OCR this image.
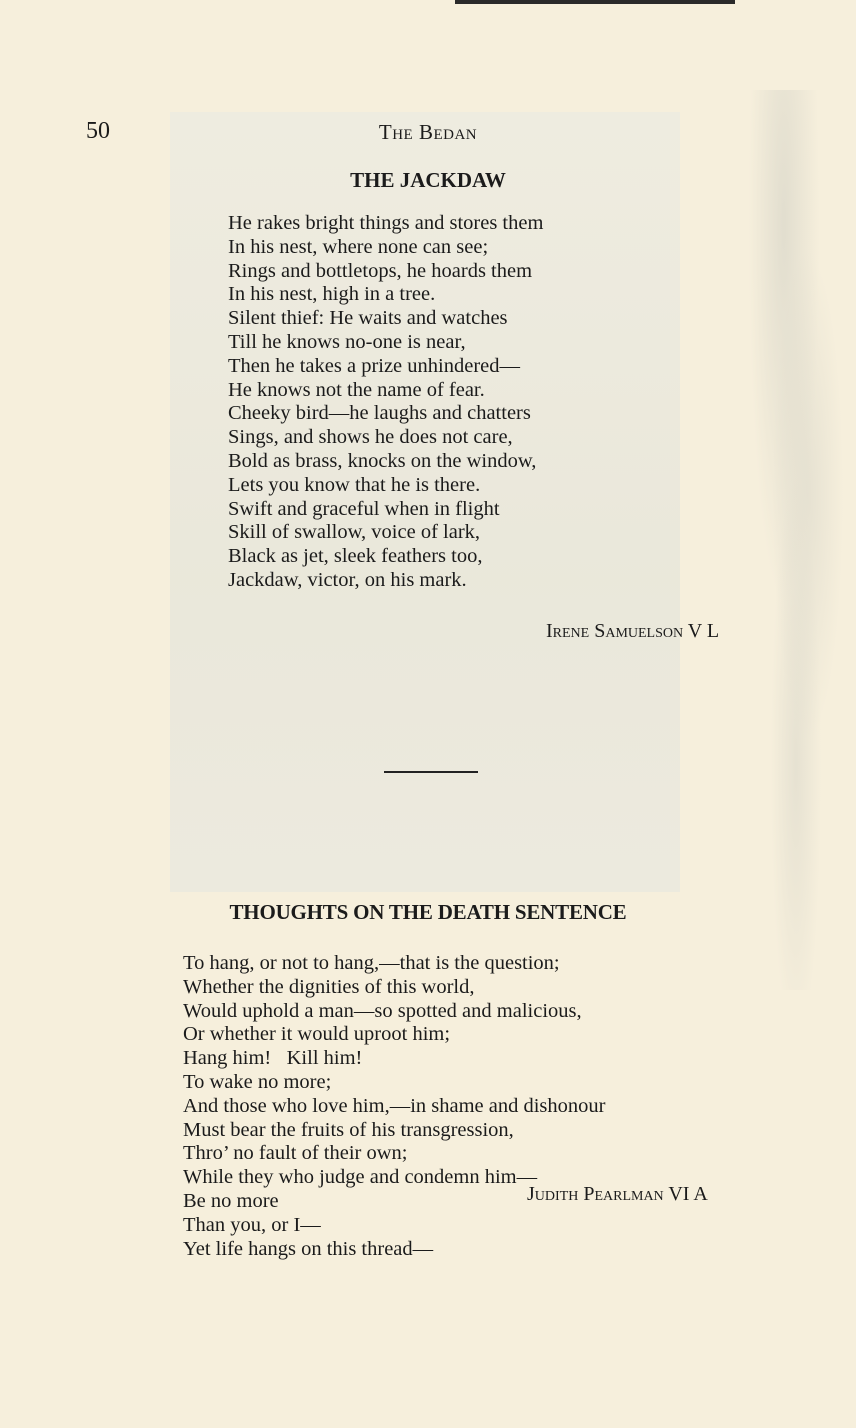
50	The Bedan
THE JACKDAW
He rakes bright things and stores them
In his nest, where none can see;
Rings and bottletops, he hoards them
In his nest, high in a tree.
Silent thief: He waits and watches
Till he knows no-one is near,
Then he takes a prize unhindered—
He knows not the name of fear.
Cheeky bird—he laughs and chatters
Sings, and shows he does not care,
Bold as brass, knocks on the window,
Lets you know that he is there.
Swift and graceful when in flight
Skill of swallow, voice of lark,
Black as jet, sleek feathers too,
Jackdaw, victor, on his mark.
Irene Samuelson V L
THOUGHTS ON THE DEATH SENTENCE
To hang, or not to hang,—that is the question;
Whether the dignities of this world,
Would uphold a man—so spotted and malicious,
Or whether it would uproot him;
Hang him!   Kill him!
To wake no more;
And those who love him,—in shame and dishonour
Must bear the fruits of his transgression,
Thro’ no fault of their own;
While they who judge and condemn him—
Be no more
Than you, or I—
Yet life hangs on this thread—
Judith Pearlman VI A
